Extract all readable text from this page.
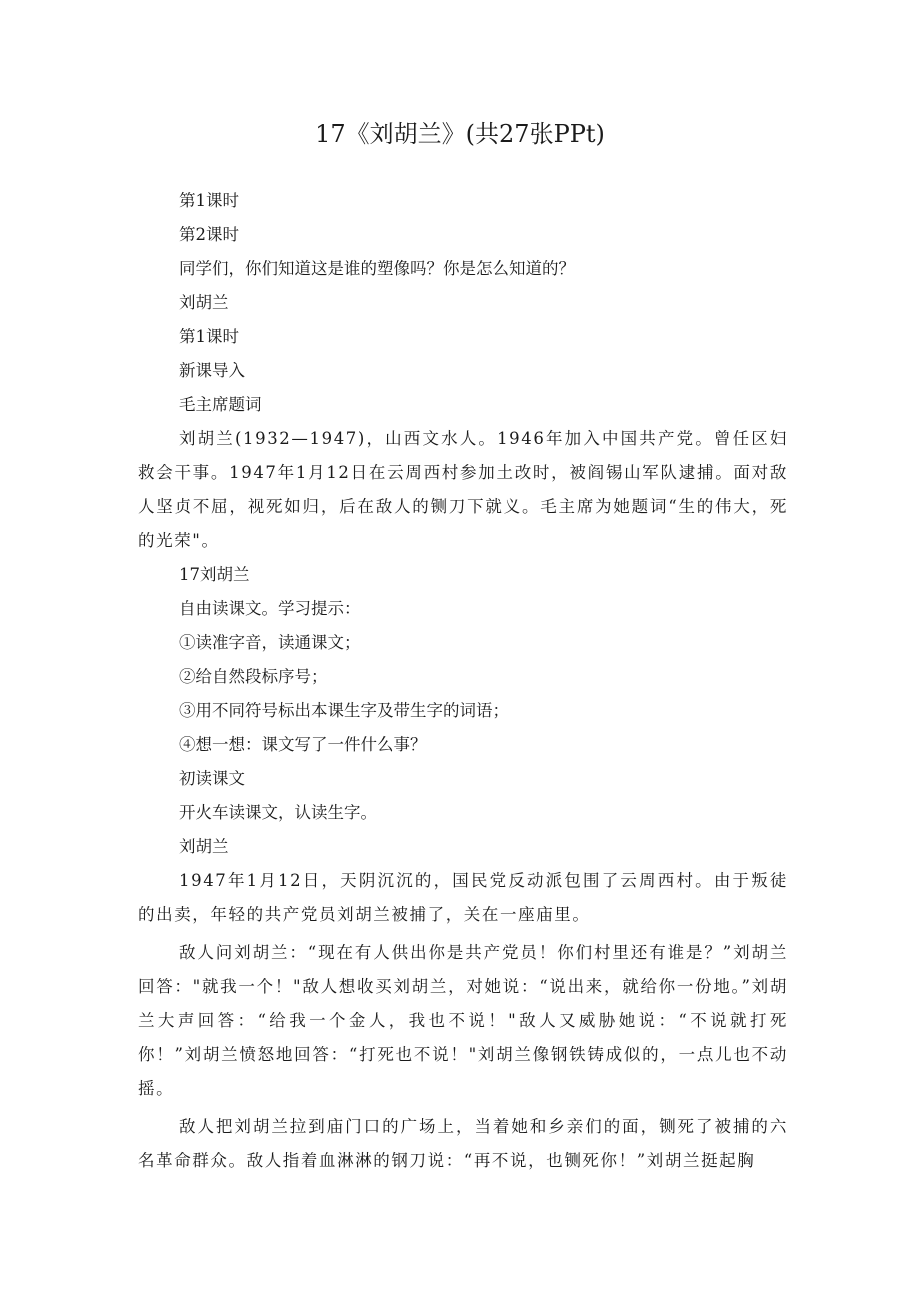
17《刘胡兰》(共27张PPt)

第1课时

第2课时

同学们，你们知道这是谁的塑像吗？你是怎么知道的？

刘胡兰

第1课时

新课导入

毛主席题词

刘胡兰(1932—1947)，山西文水人。1946年加入中国共产党。曾任区妇救会干事。1947年1月12日在云周西村参加土改时，被阎锡山军队逮捕。面对敌人坚贞不屈，视死如归，后在敌人的铡刀下就义。毛主席为她题词“生的伟大，死的光荣"。

17刘胡兰

自由读课文。学习提示：

①读准字音，读通课文；

②给自然段标序号；

③用不同符号标出本课生字及带生字的词语；

④想一想：课文写了一件什么事？

初读课文

开火车读课文，认读生字。

刘胡兰

1947年1月12日，天阴沉沉的，国民党反动派包围了云周西村。由于叛徒的出卖，年轻的共产党员刘胡兰被捕了，关在一座庙里。

敌人问刘胡兰：“现在有人供出你是共产党员！你们村里还有谁是？”刘胡兰回答："就我一个！"敌人想收买刘胡兰，对她说：“说出来，就给你一份地。”刘胡兰大声回答：“给我一个金人，我也不说！"敌人又威胁她说：“不说就打死你！”刘胡兰愤怒地回答：“打死也不说！"刘胡兰像钢铁铸成似的，一点儿也不动摇。

敌人把刘胡兰拉到庙门口的广场上，当着她和乡亲们的面，铡死了被捕的六名革命群众。敌人指着血淋淋的钢刀说：“再不说，也铡死你！”刘胡兰挺起胸
